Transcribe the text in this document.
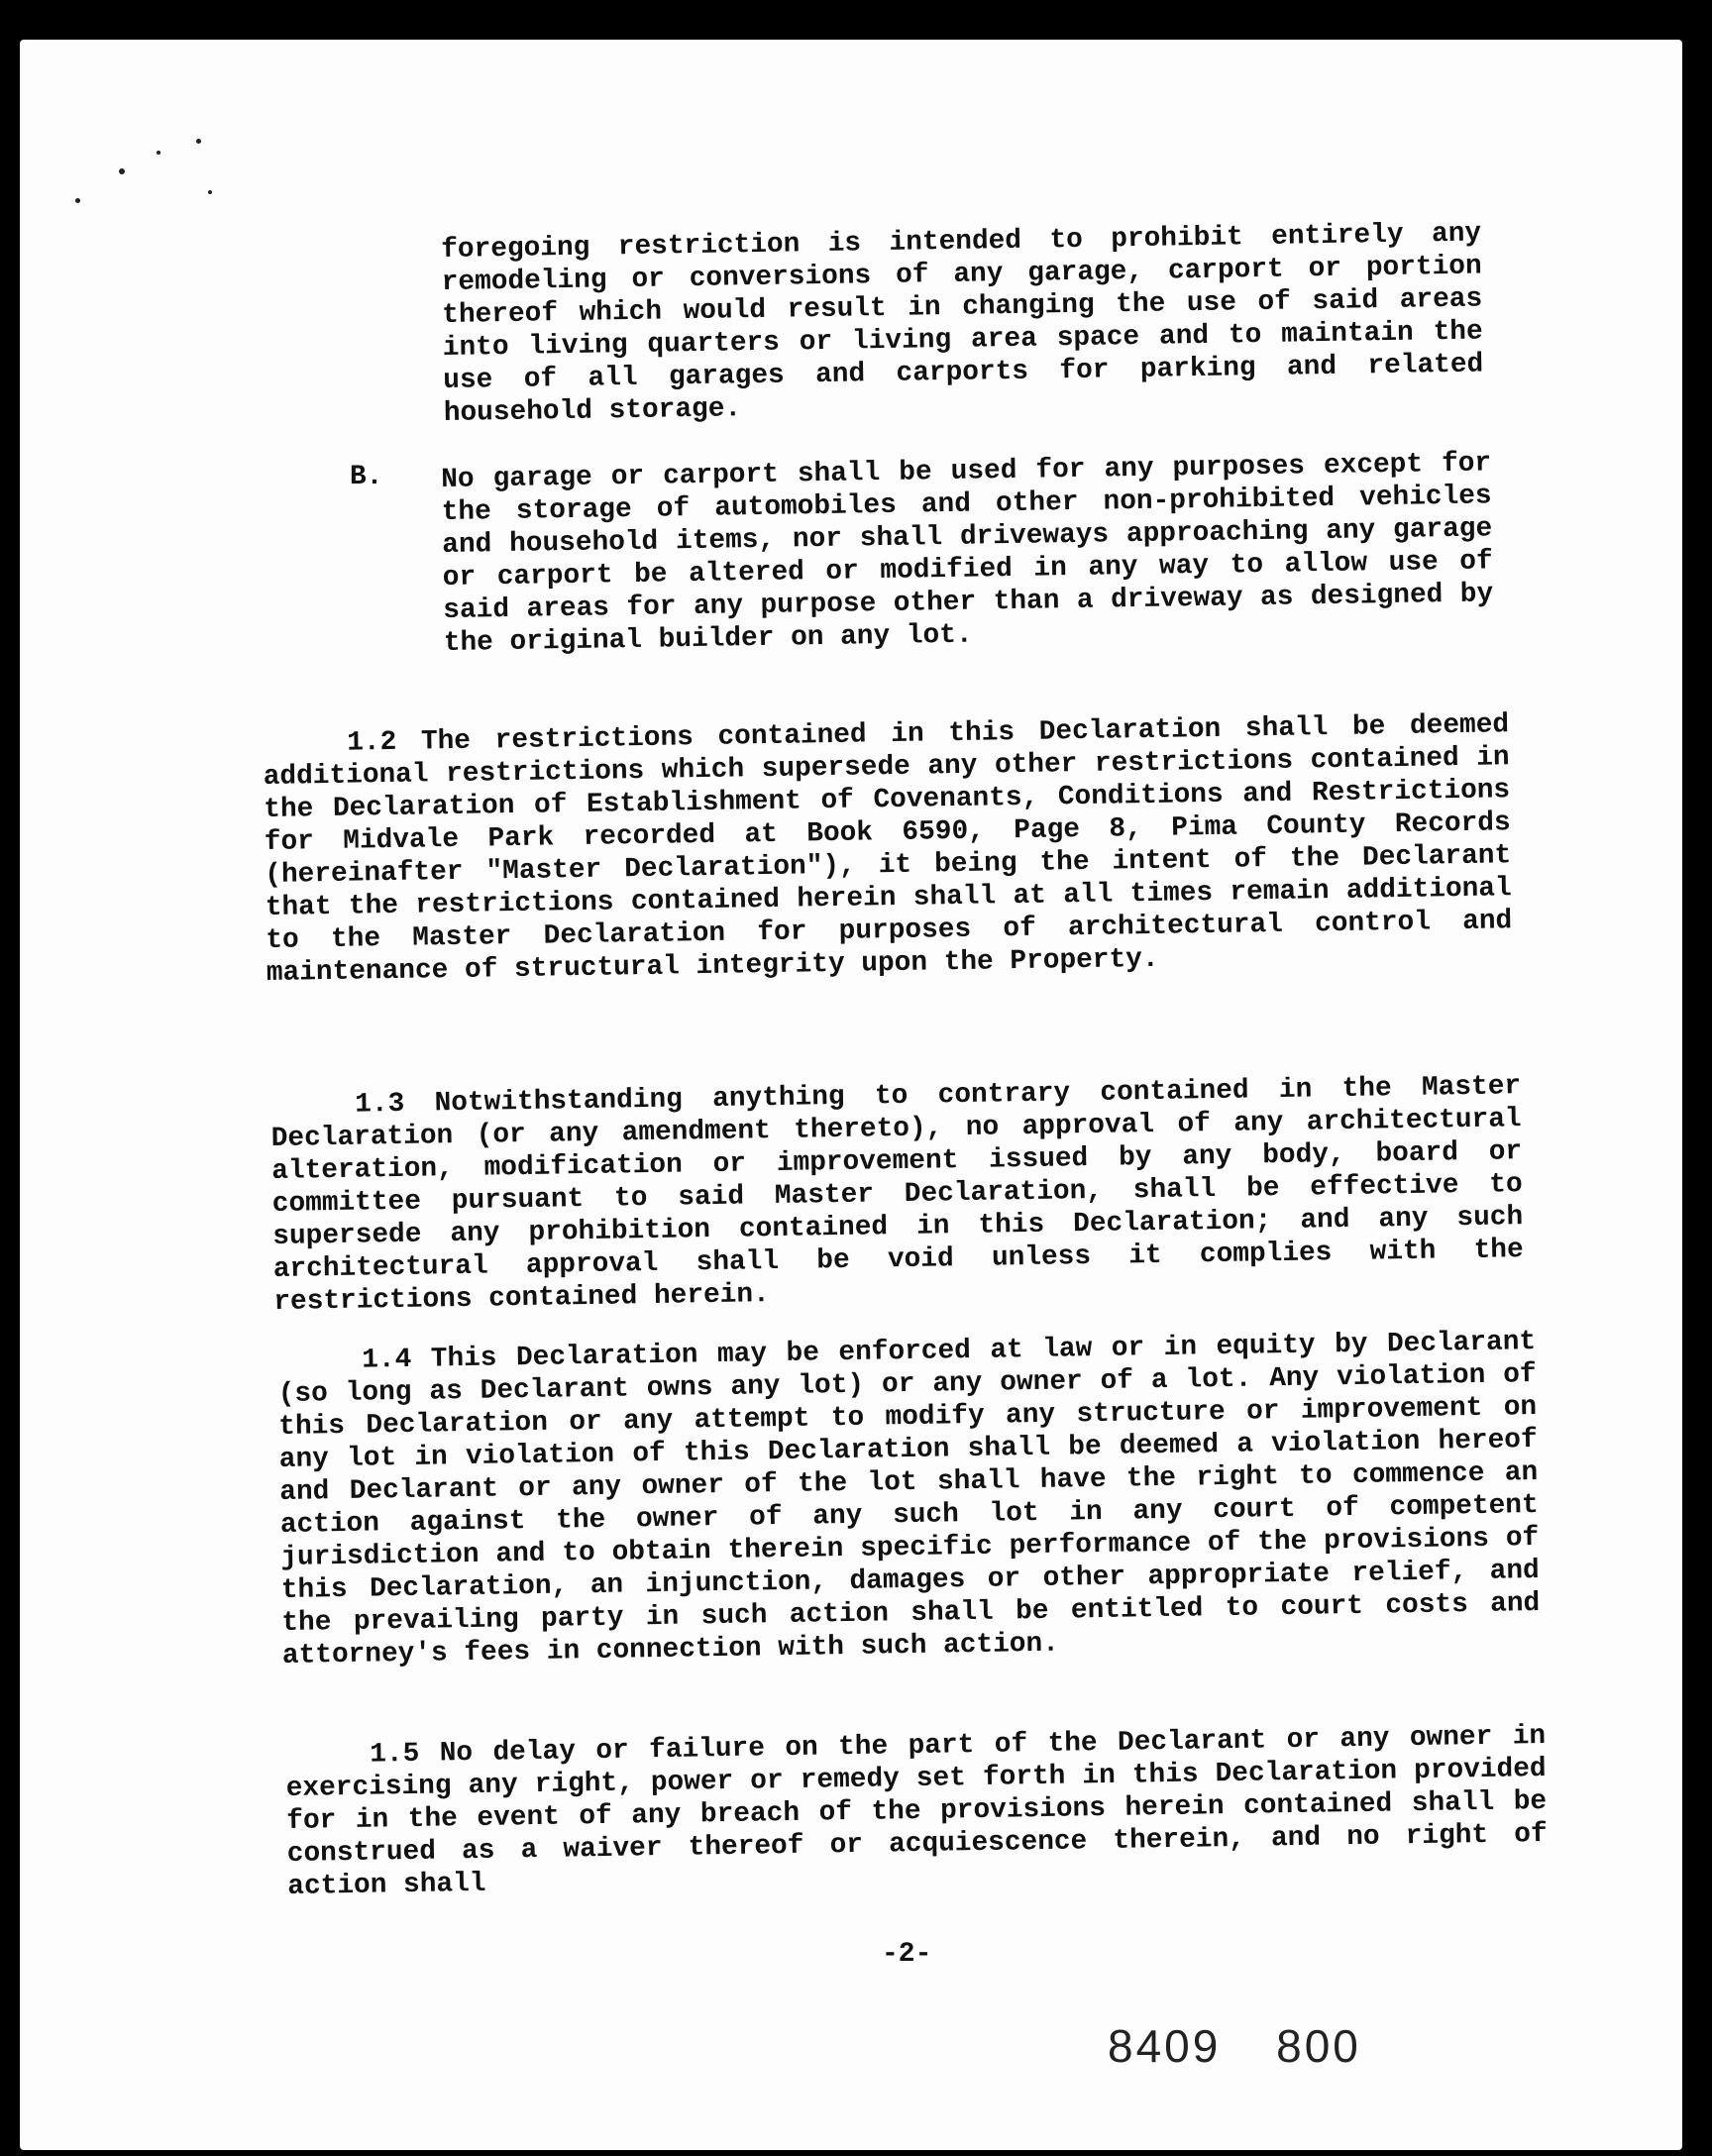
foregoing restriction is intended to prohibit entirely any remodeling or conversions of any garage, carport or portion thereof which would result in changing the use of said areas into living quarters or living area space and to maintain the use of all garages and carports for parking and related household storage.

B. No garage or carport shall be used for any purposes except for the storage of automobiles and other non-prohibited vehicles and household items, nor shall driveways approaching any garage or carport be altered or modified in any way to allow use of said areas for any purpose other than a driveway as designed by the original builder on any lot.

1.2 The restrictions contained in this Declaration shall be deemed additional restrictions which supersede any other restrictions contained in the Declaration of Establishment of Covenants, Conditions and Restrictions for Midvale Park recorded at Book 6590, Page 8, Pima County Records (hereinafter "Master Declaration"), it being the intent of the Declarant that the restrictions contained herein shall at all times remain additional to the Master Declaration for purposes of architectural control and maintenance of structural integrity upon the Property.

1.3 Notwithstanding anything to contrary contained in the Master Declaration (or any amendment thereto), no approval of any architectural alteration, modification or improvement issued by any body, board or committee pursuant to said Master Declaration, shall be effective to supersede any prohibition contained in this Declaration; and any such architectural approval shall be void unless it complies with the restrictions contained herein.

1.4 This Declaration may be enforced at law or in equity by Declarant (so long as Declarant owns any lot) or any owner of a lot. Any violation of this Declaration or any attempt to modify any structure or improvement on any lot in violation of this Declaration shall be deemed a violation hereof and Declarant or any owner of the lot shall have the right to commence an action against the owner of any such lot in any court of competent jurisdiction and to obtain therein specific performance of the provisions of this Declaration, an injunction, damages or other appropriate relief, and the prevailing party in such action shall be entitled to court costs and attorney's fees in connection with such action.

1.5 No delay or failure on the part of the Declarant or any owner in exercising any right, power or remedy set forth in this Declaration provided for in the event of any breach of the provisions herein contained shall be construed as a waiver thereof or acquiescence therein, and no right of action shall

-2-
8409 800
